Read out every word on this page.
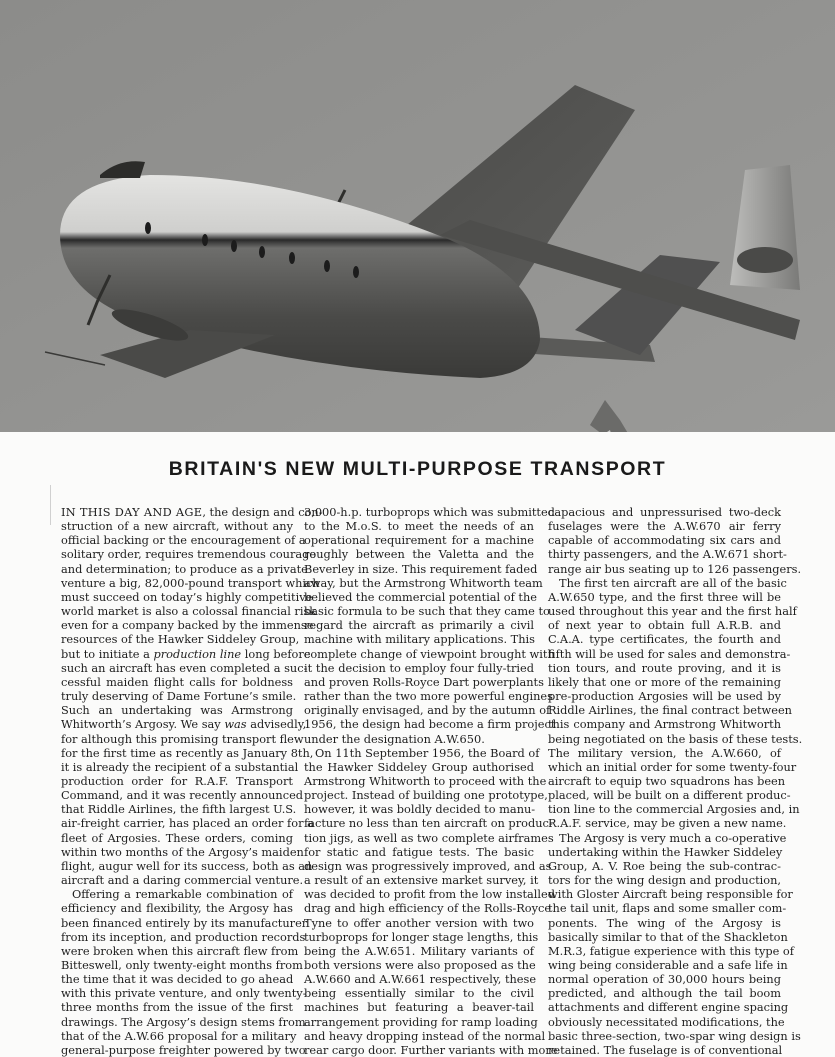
BRITAIN'S NEW MULTI-PURPOSE TRANSPORT
IN THIS DAY AND AGE, the design and con-
struction of a new aircraft, without any
official backing or the encouragement of a
solitary order, requires tremendous courage
and determination; to produce as a private
venture a big, 82,000-pound transport which
must succeed on today’s highly competitive
world market is also a colossal financial risk
even for a company backed by the immense
resources of the Hawker Siddeley Group,
but to initiate a production line long before
such an aircraft has even completed a suc-
cessful maiden flight calls for boldness
truly deserving of Dame Fortune’s smile.
Such an undertaking was Armstrong
Whitworth’s Argosy. We say was advisedly,
for although this promising transport flew
for the first time as recently as January 8th,
it is already the recipient of a substantial
production order for R.A.F. Transport
Command, and it was recently announced
that Riddle Airlines, the fifth largest U.S.
air-freight carrier, has placed an order for a
fleet of Argosies. These orders, coming
within two months of the Argosy’s maiden
flight, augur well for its success, both as an
aircraft and a daring commercial venture.
Offering a remarkable combination of
efficiency and flexibility, the Argosy has
been financed entirely by its manufacturer
from its inception, and production records
were broken when this aircraft flew from
Bitteswell, only twenty-eight months from
the time that it was decided to go ahead
with this private venture, and only twenty-
three months from the issue of the first
drawings. The Argosy’s design stems from
that of the A.W.66 proposal for a military
general-purpose freighter powered by two
3,000-h.p. turboprops which was submitted
to the M.o.S. to meet the needs of an
operational requirement for a machine
roughly between the Valetta and the
Beverley in size. This requirement faded
away, but the Armstrong Whitworth team
believed the commercial potential of the
basic formula to be such that they came to
regard the aircraft as primarily a civil
machine with military applications. This
complete change of viewpoint brought with
it the decision to employ four fully-tried
and proven Rolls-Royce Dart powerplants
rather than the two more powerful engines
originally envisaged, and by the autumn of
1956, the design had become a firm project
under the designation A.W.650.
On 11th September 1956, the Board of
the Hawker Siddeley Group authorised
Armstrong Whitworth to proceed with the
project. Instead of building one prototype,
however, it was boldly decided to manu-
facture no less than ten aircraft on produc-
tion jigs, as well as two complete airframes
for static and fatigue tests. The basic
design was progressively improved, and as
a result of an extensive market survey, it
was decided to profit from the low installed
drag and high efficiency of the Rolls-Royce
Tyne to offer another version with two
turboprops for longer stage lengths, this
being the A.W.651. Military variants of
both versions were also proposed as the
A.W.660 and A.W.661 respectively, these
being essentially similar to the civil
machines but featuring a beaver-tail
arrangement providing for ramp loading
and heavy dropping instead of the normal
rear cargo door. Further variants with more
capacious and unpressurised two-deck
fuselages were the A.W.670 air ferry
capable of accommodating six cars and
thirty passengers, and the A.W.671 short-
range air bus seating up to 126 passengers.
The first ten aircraft are all of the basic
A.W.650 type, and the first three will be
used throughout this year and the first half
of next year to obtain full A.R.B. and
C.A.A. type certificates, the fourth and
fifth will be used for sales and demonstra-
tion tours, and route proving, and it is
likely that one or more of the remaining
pre-production Argosies will be used by
Riddle Airlines, the final contract between
this company and Armstrong Whitworth
being negotiated on the basis of these tests.
The military version, the A.W.660, of
which an initial order for some twenty-four
aircraft to equip two squadrons has been
placed, will be built on a different produc-
tion line to the commercial Argosies and, in
R.A.F. service, may be given a new name.
The Argosy is very much a co-operative
undertaking within the Hawker Siddeley
Group, A. V. Roe being the sub-contrac-
tors for the wing design and production,
with Gloster Aircraft being responsible for
the tail unit, flaps and some smaller com-
ponents. The wing of the Argosy is
basically similar to that of the Shackleton
M.R.3, fatigue experience with this type of
wing being considerable and a safe life in
normal operation of 30,000 hours being
predicted, and although the tail boom
attachments and different engine spacing
obviously necessitated modifications, the
basic three-section, two-spar wing design is
retained. The fuselage is of conventional
